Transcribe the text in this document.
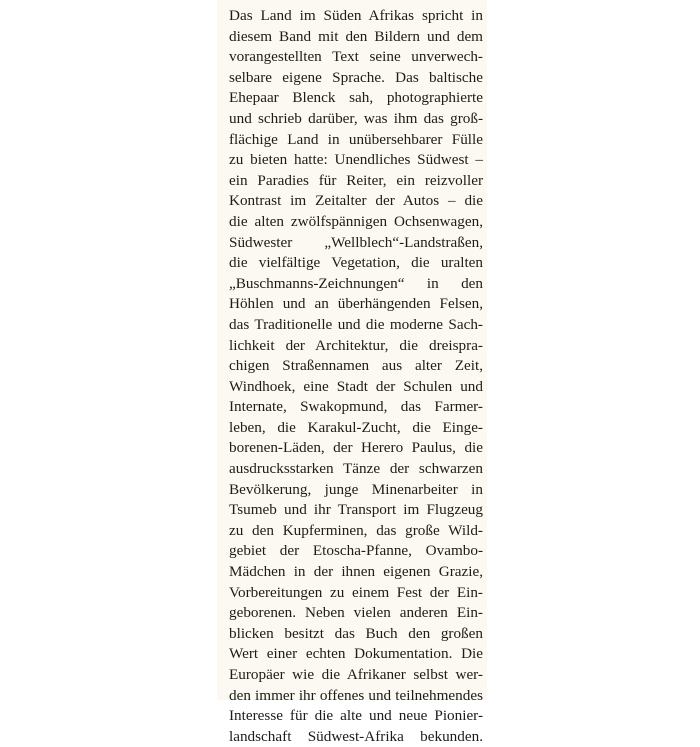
Das Land im Süden Afrikas spricht in
diesem Band mit den Bildern und dem
vorangestellten Text seine unverwech-
selbare eigene Sprache. Das baltische
Ehepaar Blenck sah, photographierte
und schrieb darüber, was ihm das groß-
flächige Land in unübersehbarer Fülle
zu bieten hatte: Unendliches Südwest –
ein Paradies für Reiter, ein reizvoller
Kontrast im Zeitalter der Autos – die
die alten zwölfspännigen Ochsenwagen,
Südwester „Wellblech“-Landstraßen,
die vielfältige Vegetation, die uralten
„Buschmanns-Zeichnungen“ in den
Höhlen und an überhängenden Felsen,
das Traditionelle und die moderne Sach-
lichkeit der Architektur, die dreispra-
chigen Straßennamen aus alter Zeit,
Windhoek, eine Stadt der Schulen und
Internate, Swakopmund, das Farmer-
leben, die Karakul-Zucht, die Einge-
borenen-Läden, der Herero Paulus, die
ausdrucksstarken Tänze der schwarzen
Bevölkerung, junge Minenarbeiter in
Tsumeb und ihr Transport im Flugzeug
zu den Kupferminen, das große Wild-
gebiet der Etoscha-Pfanne, Ovambo-
Mädchen in der ihnen eigenen Grazie,
Vorbereitungen zu einem Fest der Ein-
geborenen. Neben vielen anderen Ein-
blicken besitzt das Buch den großen
Wert einer echten Dokumentation. Die
Europäer wie die Afrikaner selbst wer-
den immer ihr offenes und teilnehmendes
Interesse für die alte und neue Pionier-
landschaft Südwest-Afrika bekunden.
